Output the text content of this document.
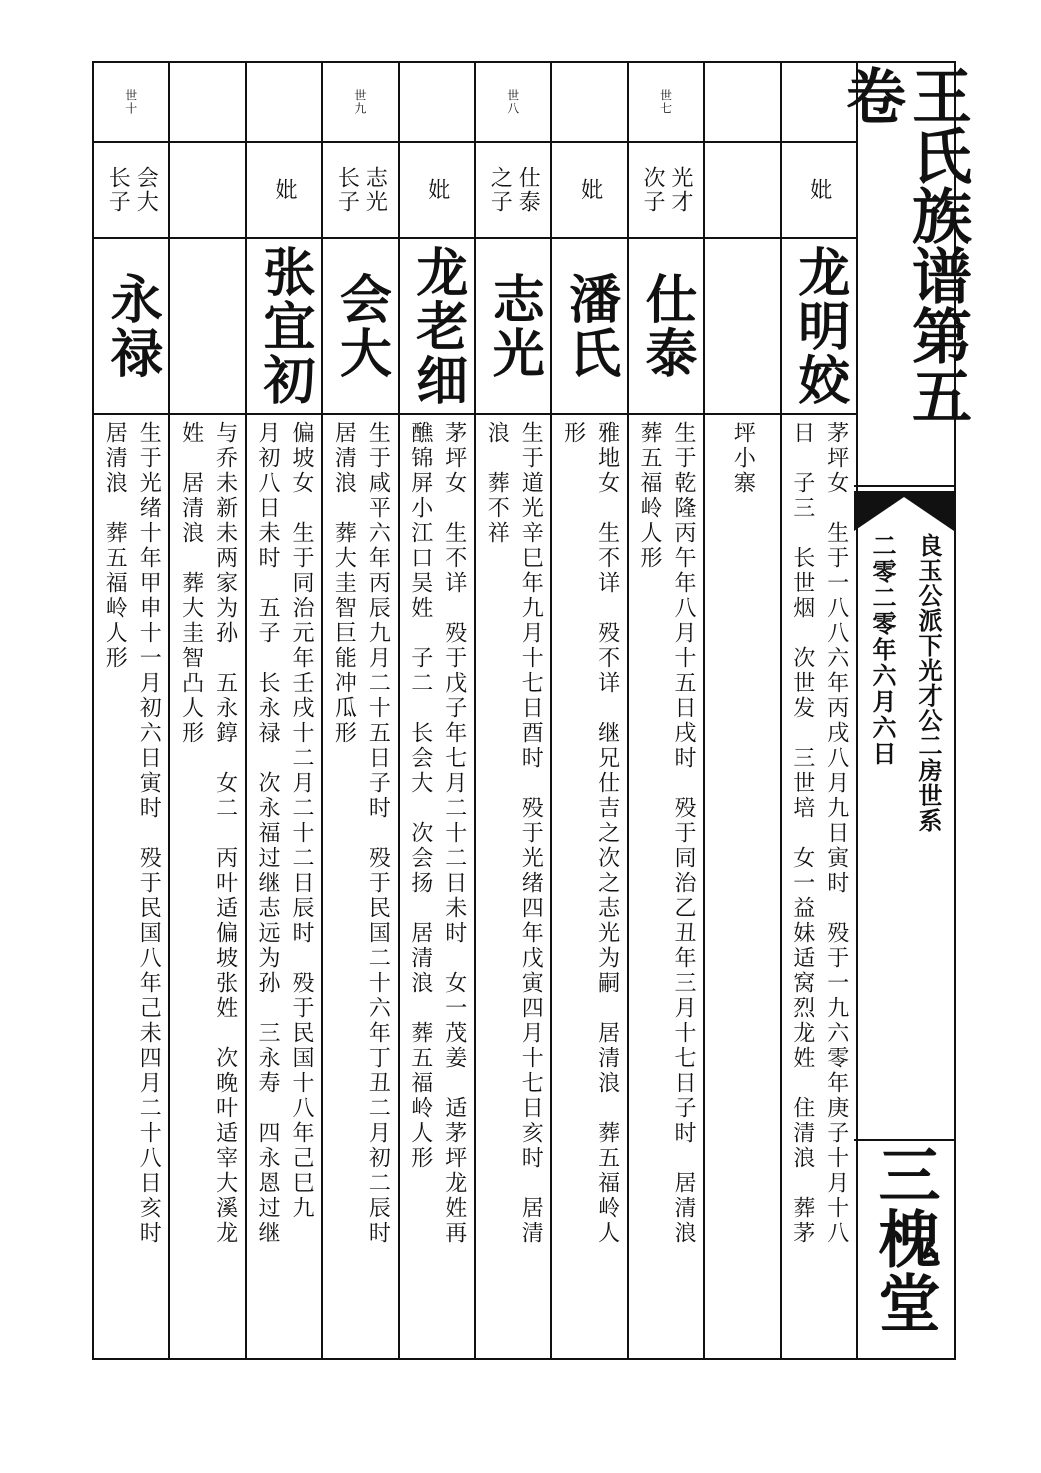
世十
会大
长子
永禄
生于光绪十年甲申十一月初六日寅时　殁于民国八年己未四月二十八日亥时
居清浪　葬五福岭人形	与乔未新未两家为孙　五永錞　女二　丙叶适偏坡张姓　次晚叶适宰大溪龙
姓　居清浪　葬大圭智凸人形
妣
张宜初
偏坡女　生于同治元年壬戌十二月二十二日辰时　殁于民国十八年己巳九
月初八日未时　五子　长永禄　次永福过继志远为孙　三永寿　四永恩过继
世九
志光
长子
会大
生于咸平六年丙辰九月二十五日子时　殁于民国二十六年丁丑二月初二辰时
居清浪　葬大圭智巨能冲瓜形
妣
龙老细
茅坪女　生不详　殁于戊子年七月二十二日未时　女一茂姜　适茅坪龙姓再
醮锦屏小江口吴姓　子二　长会大　次会扬　居清浪　葬五福岭人形
世八
仕泰
之子
志光
生于道光辛巳年九月十七日酉时　殁于光绪四年戊寅四月十七日亥时　居清
浪　葬不祥
妣
潘氏
雅地女　生不详　殁不详　继兄仕吉之次之志光为嗣　居清浪　葬五福岭人
形
世七
光才
次子
仕泰
生于乾隆丙午年八月十五日戌时　殁于同治乙丑年三月十七日子时　居清浪
葬五福岭人形	坪小寨
妣
龙明姣
茅坪女　生于一八八六年丙戌八月九日寅时　殁于一九六零年庚子十月十八
日　子三　长世烟　次世发　三世培　女一益妹适窝烈龙姓　住清浪　葬茅
王氏族谱第五卷
良玉公派下光才公二房世系
二零二零年六月六日
三槐堂
